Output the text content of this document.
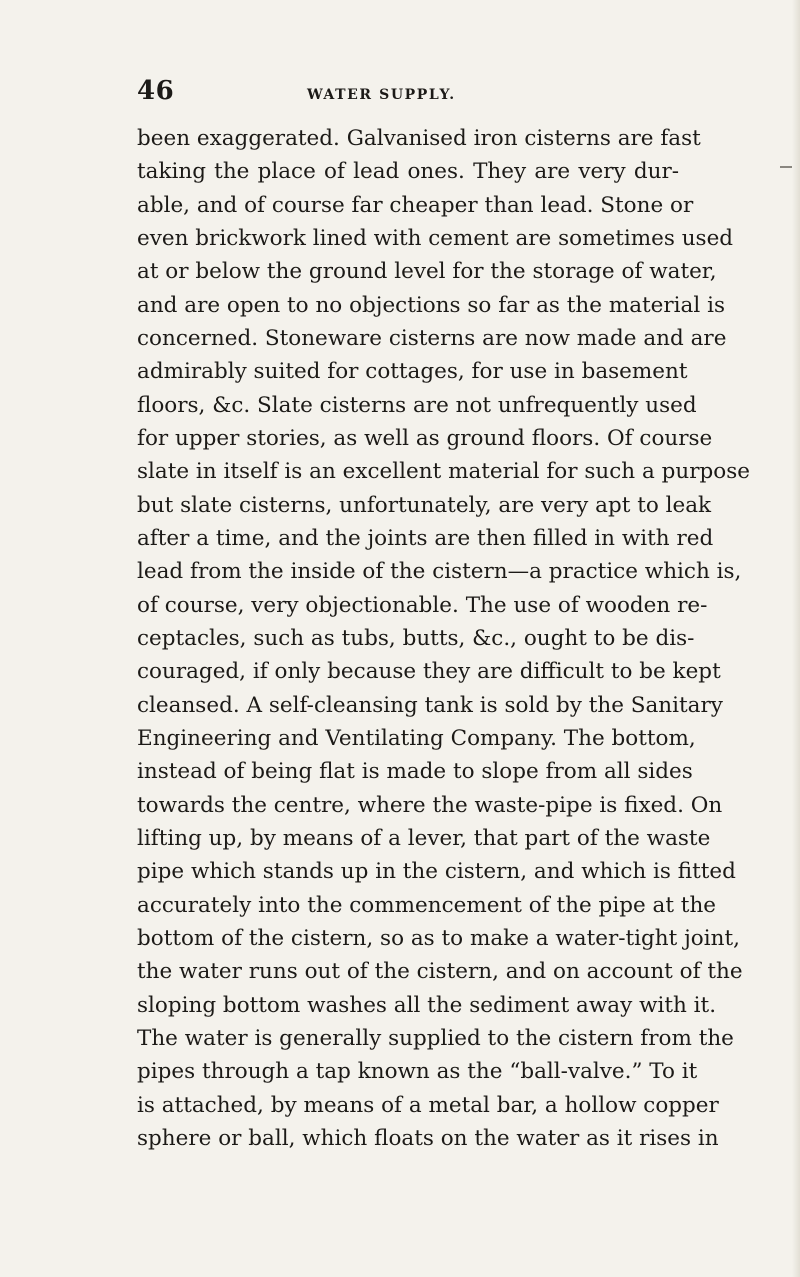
46	WATER SUPPLY.
been exaggerated. Galvanised iron cisterns are fast
taking the place of lead ones. They are very dur-
able, and of course far cheaper than lead. Stone or
even brickwork lined with cement are sometimes used
at or below the ground level for the storage of water,
and are open to no objections so far as the material is
concerned. Stoneware cisterns are now made and are
admirably suited for cottages, for use in basement
floors, &c. Slate cisterns are not unfrequently used
for upper stories, as well as ground floors. Of course
slate in itself is an excellent material for such a purpose
but slate cisterns, unfortunately, are very apt to leak
after a time, and the joints are then filled in with red
lead from the inside of the cistern—a practice which is,
of course, very objectionable. The use of wooden re-
ceptacles, such as tubs, butts, &c., ought to be dis-
couraged, if only because they are difficult to be kept
cleansed. A self-cleansing tank is sold by the Sanitary
Engineering and Ventilating Company. The bottom,
instead of being flat is made to slope from all sides
towards the centre, where the waste-pipe is fixed. On
lifting up, by means of a lever, that part of the waste
pipe which stands up in the cistern, and which is fitted
accurately into the commencement of the pipe at the
bottom of the cistern, so as to make a water-tight joint,
the water runs out of the cistern, and on account of the
sloping bottom washes all the sediment away with it.
The water is generally supplied to the cistern from the
pipes through a tap known as the “ball-valve.” To it
is attached, by means of a metal bar, a hollow copper
sphere or ball, which floats on the water as it rises in
